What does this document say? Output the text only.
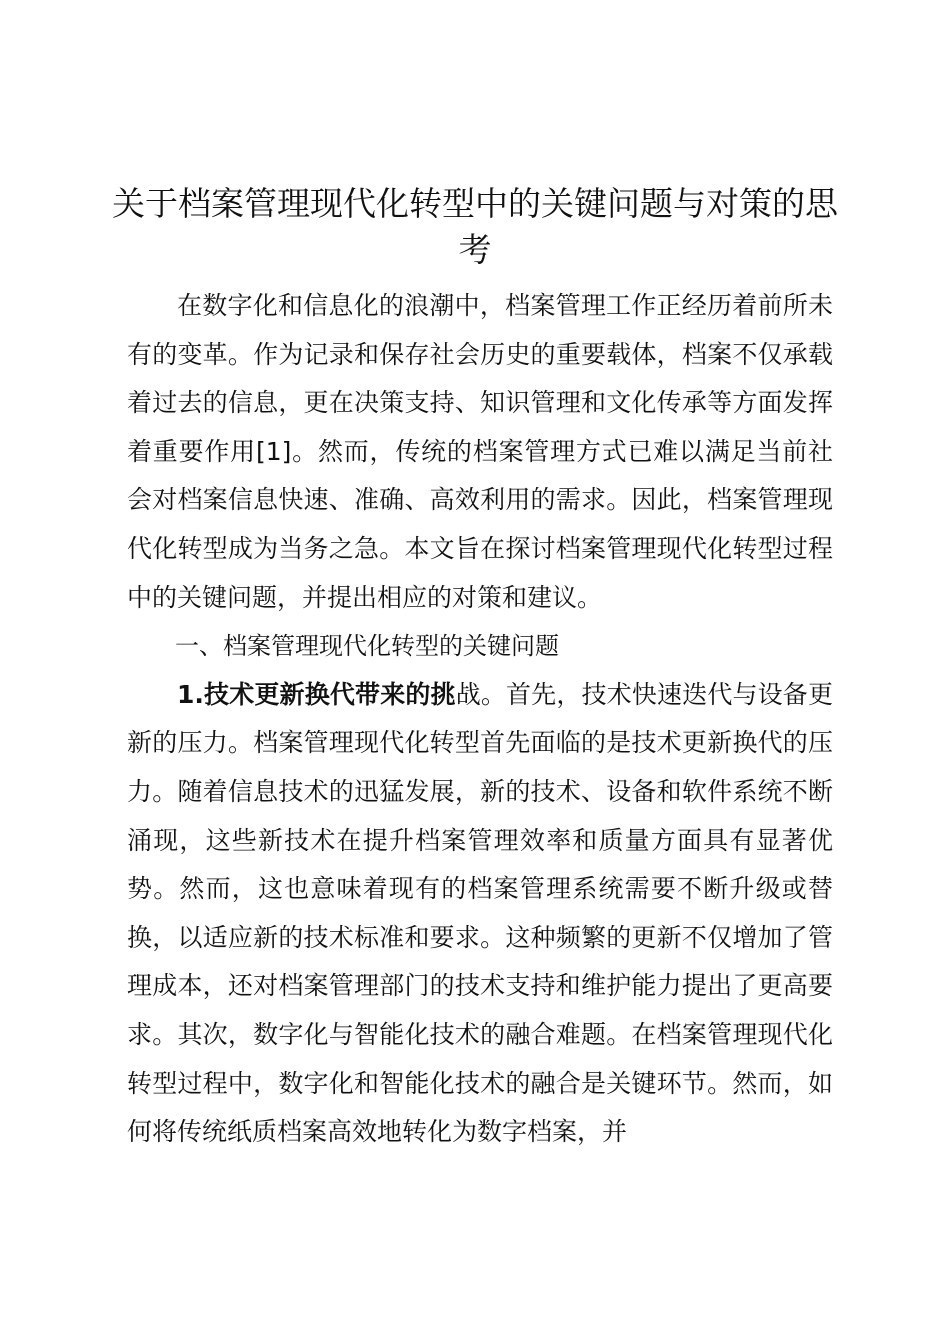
关于档案管理现代化转型中的关键问题与对策的思考

在数字化和信息化的浪潮中，档案管理工作正经历着前所未有的变革。作为记录和保存社会历史的重要载体，档案不仅承载着过去的信息，更在决策支持、知识管理和文化传承等方面发挥着重要作用[1]。然而，传统的档案管理方式已难以满足当前社会对档案信息快速、准确、高效利用的需求。因此，档案管理现代化转型成为当务之急。本文旨在探讨档案管理现代化转型过程中的关键问题，并提出相应的对策和建议。

一、档案管理现代化转型的关键问题

1.技术更新换代带来的挑战。首先，技术快速迭代与设备更新的压力。档案管理现代化转型首先面临的是技术更新换代的压力。随着信息技术的迅猛发展，新的技术、设备和软件系统不断涌现，这些新技术在提升档案管理效率和质量方面具有显著优势。然而，这也意味着现有的档案管理系统需要不断升级或替换，以适应新的技术标准和要求。这种频繁的更新不仅增加了管理成本，还对档案管理部门的技术支持和维护能力提出了更高要求。其次，数字化与智能化技术的融合难题。在档案管理现代化转型过程中，数字化和智能化技术的融合是关键环节。然而，如何将传统纸质档案高效地转化为数字档案，并
